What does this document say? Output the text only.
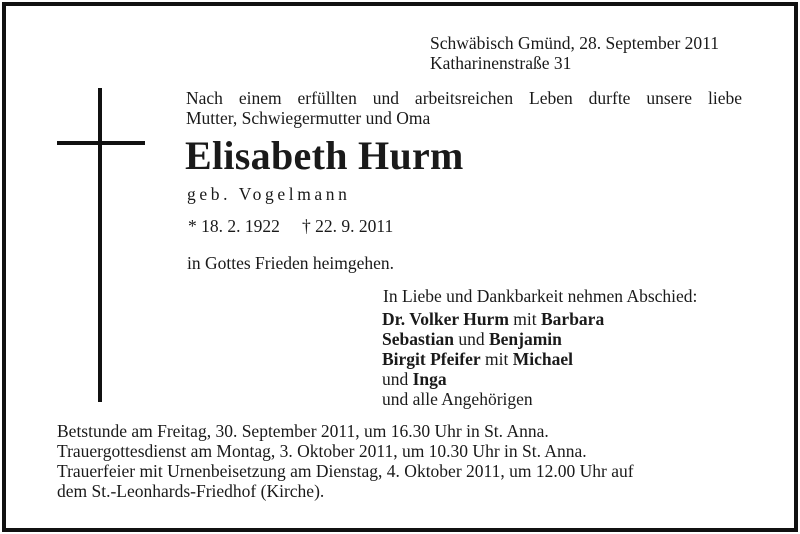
Schwäbisch Gmünd, 28. September 2011
Katharinenstraße 31
Nach einem erfüllten und arbeitsreichen Leben durfte unsere liebe
Mutter, Schwiegermutter und Oma
Elisabeth Hurm
geb. Vogelmann
* 18. 2. 1922 † 22. 9. 2011
in Gottes Frieden heimgehen.
In Liebe und Dankbarkeit nehmen Abschied:
Dr. Volker Hurm mit Barbara
Sebastian und Benjamin
Birgit Pfeifer mit Michael
und Inga
und alle Angehörigen
Betstunde am Freitag, 30. September 2011, um 16.30 Uhr in St. Anna.
Trauergottesdienst am Montag, 3. Oktober 2011, um 10.30 Uhr in St. Anna.
Trauerfeier mit Urnenbeisetzung am Dienstag, 4. Oktober 2011, um 12.00 Uhr auf
dem St.-Leonhards-Friedhof (Kirche).
